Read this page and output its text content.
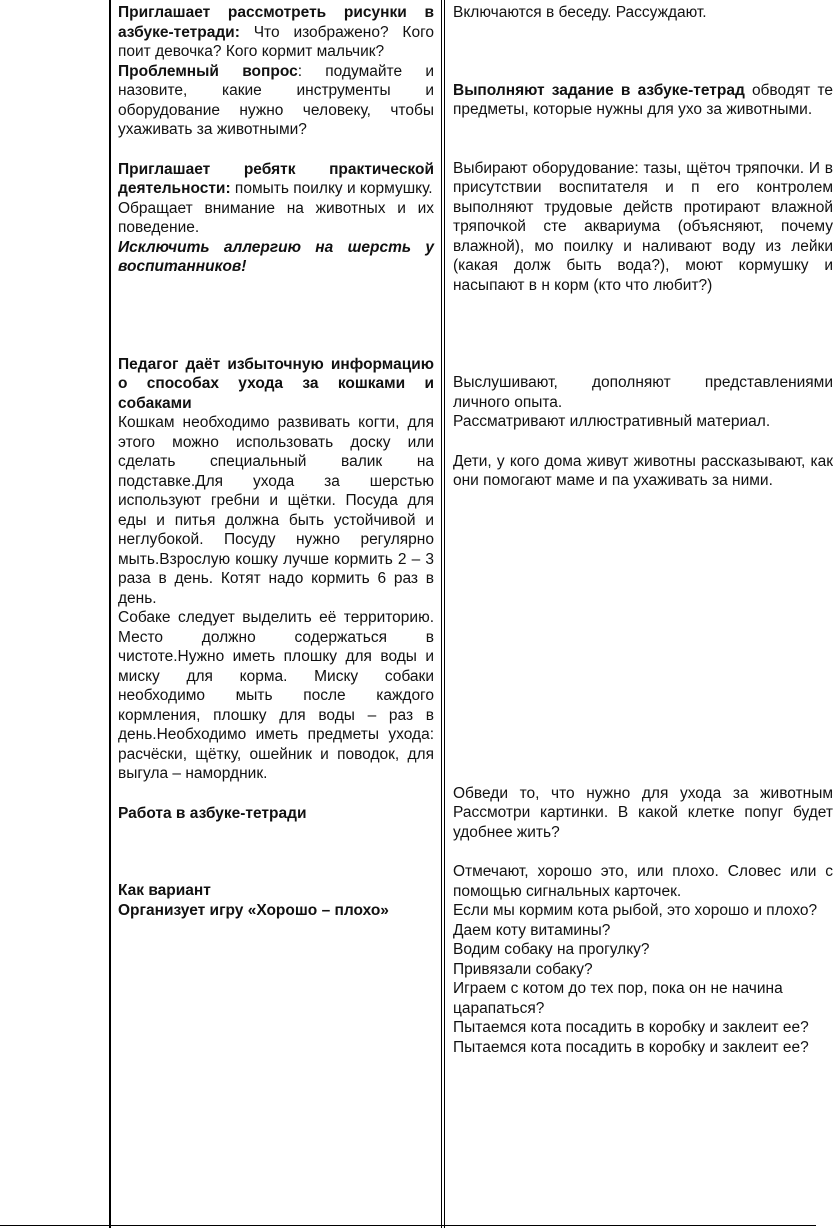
Приглашает рассмотреть рисунки в азбуке-тетради: Что изображено? Кого поит девочка? Кого кормит мальчик?

Проблемный вопрос: подумайте и назовите, какие инструменты и оборудование нужно человеку, чтобы ухаживать за животными?

Приглашает ребятк практической деятельности: помыть поилку и кормушку.

Обращает внимание на животных и их поведение.

Исключить аллергию на шерсть у воспитанников!

Педагог даёт избыточную информацию о способах ухода за кошками и собаками

Кошкам необходимо развивать когти, для этого можно использовать доску или сделать специальный валик на подставке.Для ухода за шерстью используют гребни и щётки. Посуда для еды и питья должна быть устойчивой и неглубокой. Посуду нужно регулярно мыть.Взрослую кошку лучше кормить 2 – 3 раза в день. Котят надо кормить 6 раз в день.

Собаке следует выделить её территорию. Место должно содержаться в чистоте.Нужно иметь плошку для воды и миску для корма. Миску собаки необходимо мыть после каждого кормления, плошку для воды – раз в день.Необходимо иметь предметы ухода: расчёски, щётку, ошейник и поводок, для выгула – намордник.

Работа в азбуке-тетради

Как вариант

Организует игру «Хорошо – плохо»

Включаются в беседу. Рассуждают.

Выполняют задание в азбуке-тетрад обводят те предметы, которые нужны для ухо за животными.

Выбирают оборудование: тазы, щёточ тряпочки. И в присутствии воспитателя и п его контролем выполняют трудовые действ протирают влажной тряпочкой сте аквариума (объясняют, почему влажной), мо поилку и наливают воду из лейки (какая долж быть вода?), моют кормушку и насыпают в н корм (кто что любит?)

Выслушивают, дополняют представлениями личного опыта.

Рассматривают иллюстративный материал.

Дети, у кого дома живут животны рассказывают, как они помогают маме и па ухаживать за ними.

Обведи то, что нужно для ухода за животным Рассмотри картинки. В какой клетке попуг будет удобнее жить?

Отмечают, хорошо это, или плохо. Словес или с помощью сигнальных карточек.

Если мы кормим кота рыбой, это хорошо и плохо?

Даем коту витамины?

Водим собаку на прогулку?

Привязали собаку?

Играем с котом до тех пор, пока он не начина царапаться?

Пытаемся кота посадить в коробку и заклеит ее?

Пытаемся кота посадить в коробку и заклеит ее?
